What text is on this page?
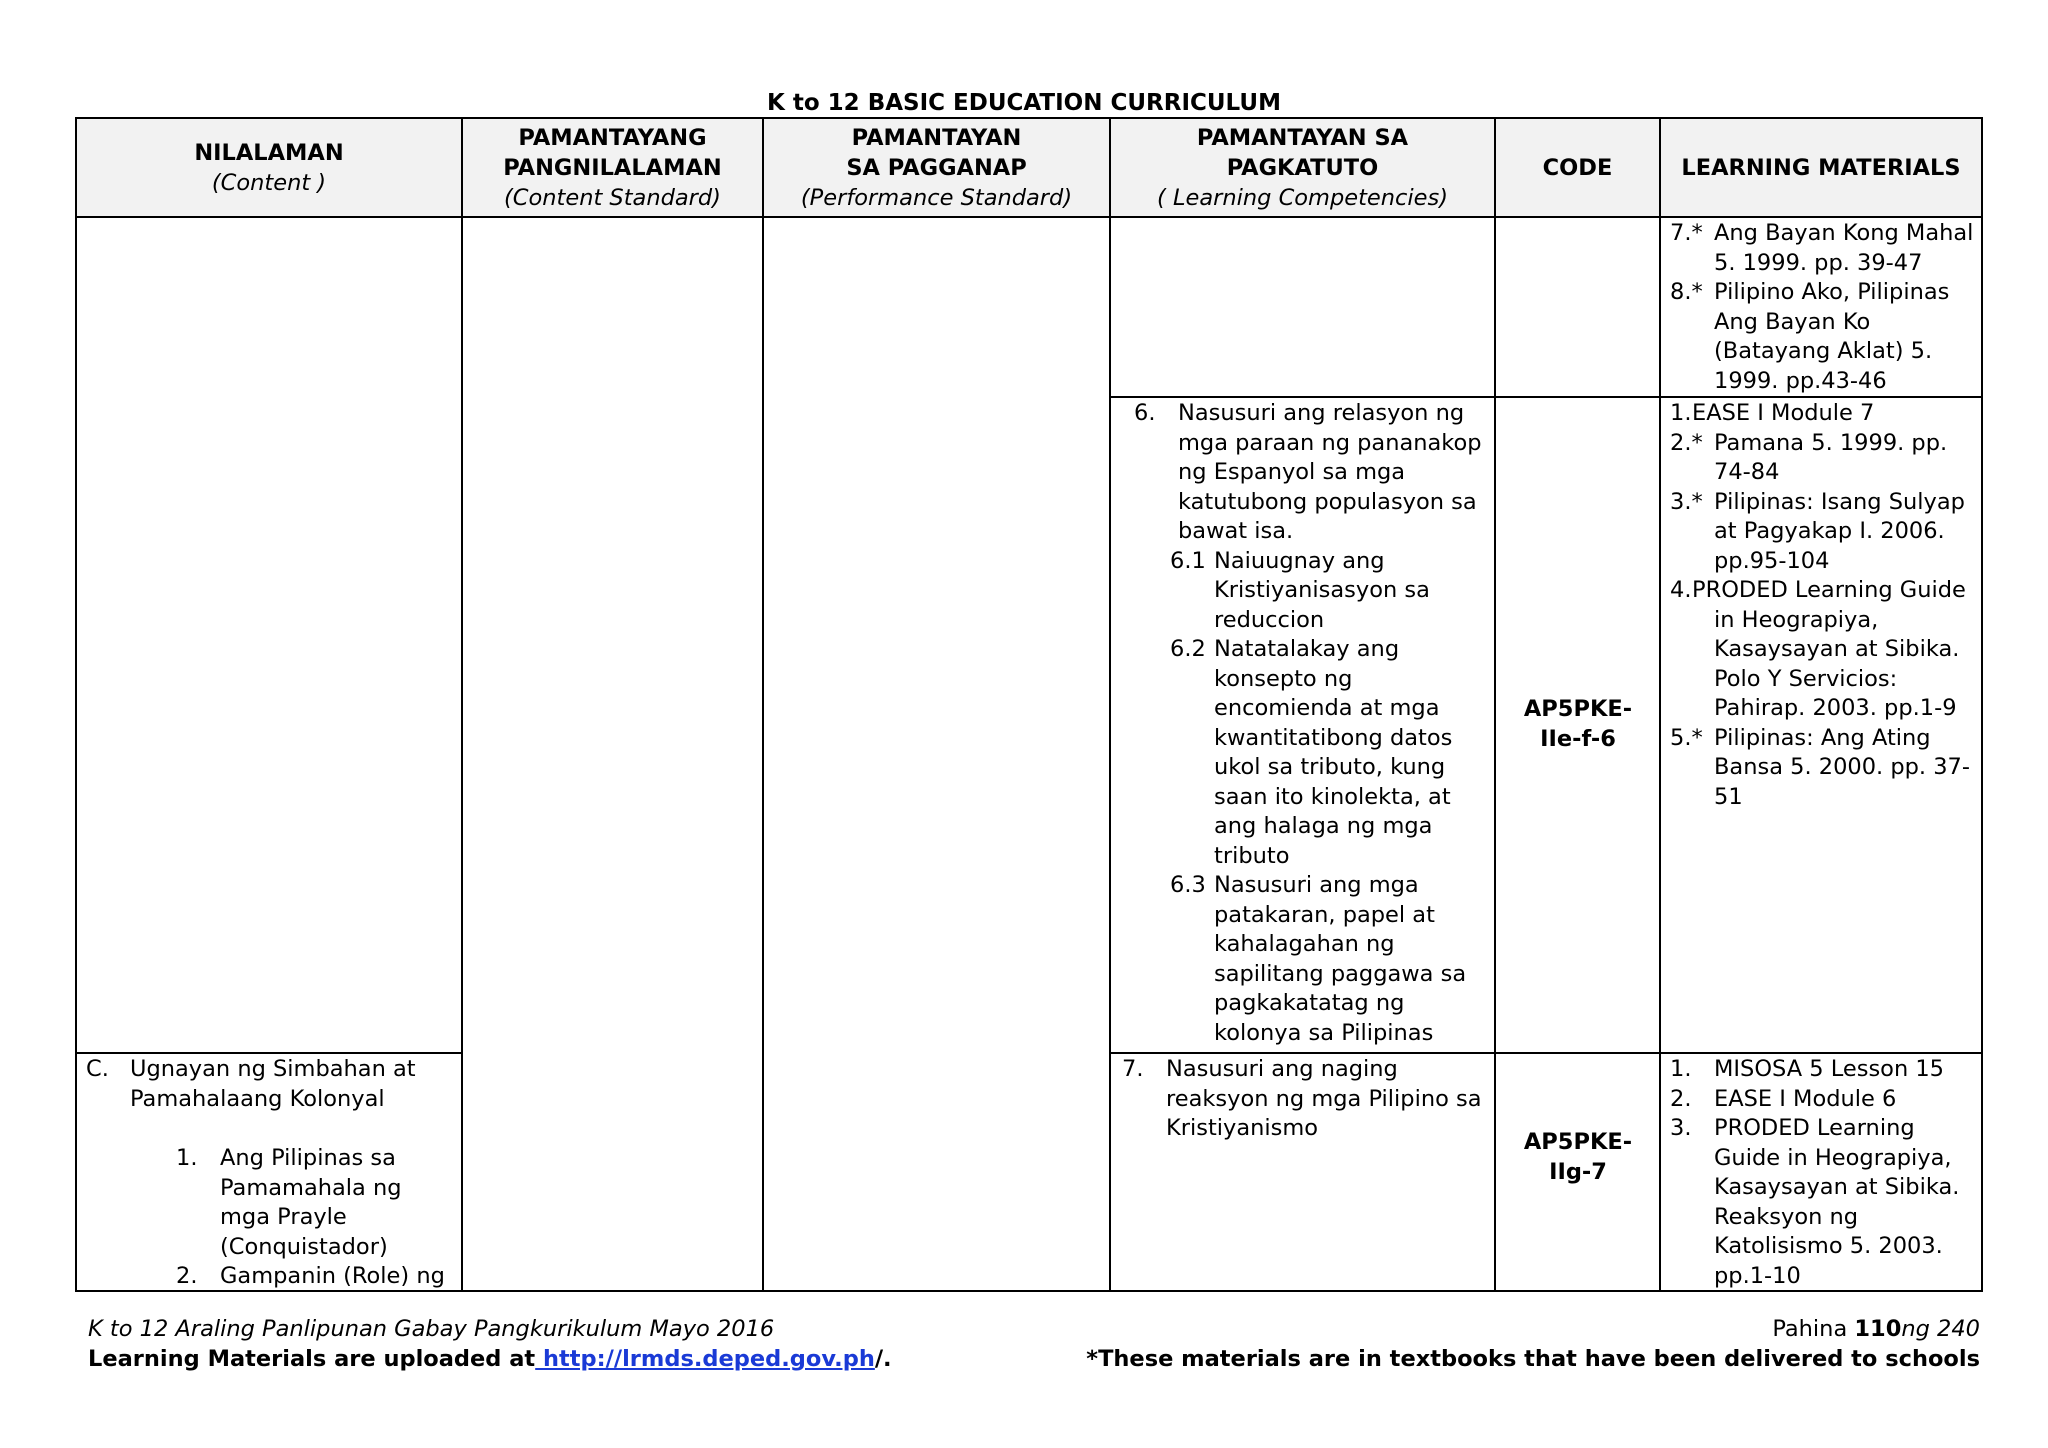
K to 12 BASIC EDUCATION CURRICULUM
NILALAMAN
(Content )
PAMANTAYANG
PANGNILALAMAN
(Content Standard)
PAMANTAYAN
SA PAGGANAP
(Performance Standard)
PAMANTAYAN SA
PAGKATUTO
( Learning Competencies)
CODE	LEARNING MATERIALS
7.* Ang Bayan Kong Mahal
5. 1999. pp. 39-47
8.* Pilipino Ako, Pilipinas
Ang Bayan Ko
(Batayang Aklat) 5.
1999. pp.43-46
6. Nasusuri ang relasyon ng
mga paraan ng pananakop
ng Espanyol sa mga
katutubong populasyon sa
bawat isa.
6.1 Naiuugnay ang
Kristiyanisasyon sa
reduccion
6.2 Natatalakay ang
konsepto ng
encomienda at mga
kwantitatibong datos
ukol sa tributo, kung
saan ito kinolekta, at
ang halaga ng mga
tributo
6.3 Nasusuri ang mga
patakaran, papel at
kahalagahan ng
sapilitang paggawa sa
pagkakatatag ng
kolonya sa Pilipinas
AP5PKE-
IIe-f-6
1. EASE I Module 7
2.* Pamana 5. 1999. pp.
74-84
3.* Pilipinas: Isang Sulyap
at Pagyakap I. 2006.
pp.95-104
4. PRODED Learning Guide
in Heograpiya,
Kasaysayan at Sibika.
Polo Y Servicios:
Pahirap. 2003. pp.1-9
5.* Pilipinas: Ang Ating
Bansa 5. 2000. pp. 37-
51
C. Ugnayan ng Simbahan at
Pamahalaang Kolonyal
1. Ang Pilipinas sa
Pamamahala ng
mga Prayle
(Conquistador)
2. Gampanin (Role) ng
7. Nasusuri ang naging
reaksyon ng mga Pilipino sa
Kristiyanismo
AP5PKE-
IIg-7
1. MISOSA 5 Lesson 15
2. EASE I Module 6
3. PRODED Learning
Guide in Heograpiya,
Kasaysayan at Sibika.
Reaksyon ng
Katolisismo 5. 2003.
pp.1-10
K to 12 Araling Panlipunan Gabay Pangkurikulum Mayo 2016
Learning Materials are uploaded at http://lrmds.deped.gov.ph/.
Pahina 110ng 240
*These materials are in textbooks that have been delivered to schools
